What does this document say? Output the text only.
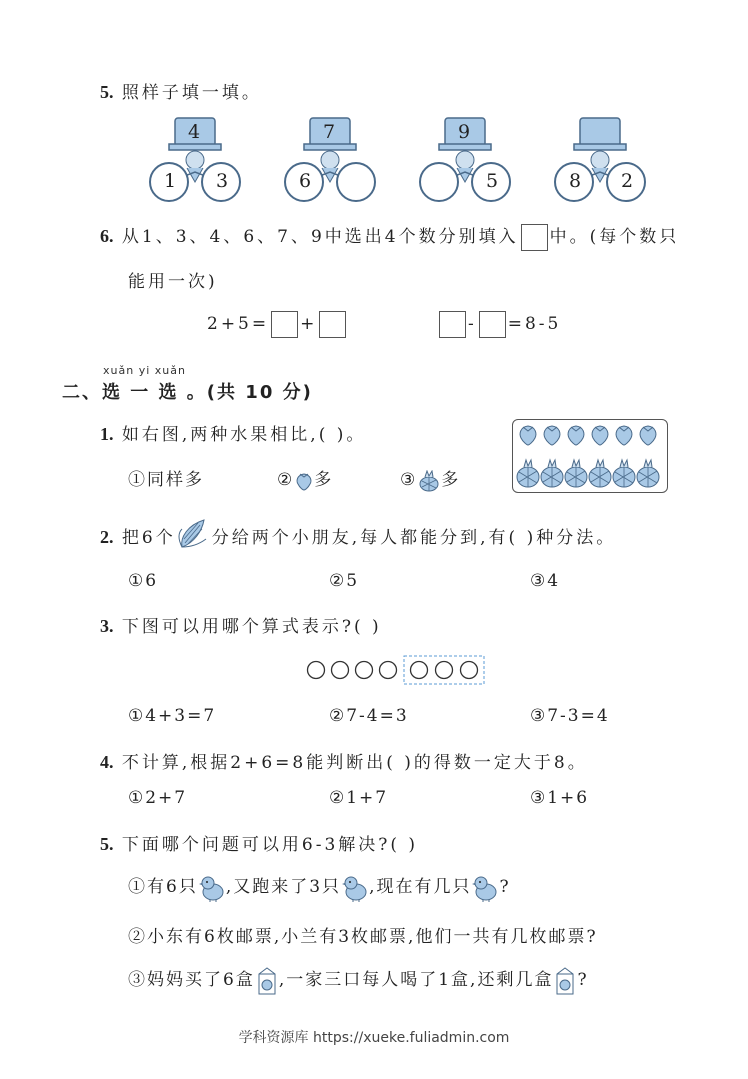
5. 照样子填一填。
4
1 3
7
6
9
5	8 2
6. 从1、3、4、6、7、9中选出4个数分别填入 中。(每个数只
能用一次)
2+5= +	- =8-5
xuǎn yi xuǎn
二、选 一 选 。(共 10 分)
1. 如右图,两种水果相比,( )。
①同样多	② 多	③ 多
2. 把6个 分给两个小朋友,每人都能分到,有( )种分法。
①6	②5	③4
3. 下图可以用哪个算式表示?( )
①4+3=7	②7-4=3	③7-3=4
4. 不计算,根据2+6=8能判断出( )的得数一定大于8。
①2+7	②1+7	③1+6
5. 下面哪个问题可以用6-3解决?( )
①有6只 ,又跑来了3只 ,现在有几只 ?
②小东有6枚邮票,小兰有3枚邮票,他们一共有几枚邮票?
③妈妈买了6盒 ,一家三口每人喝了1盒,还剩几盒 ?
学科资源库 https://xueke.fuliadmin.com
